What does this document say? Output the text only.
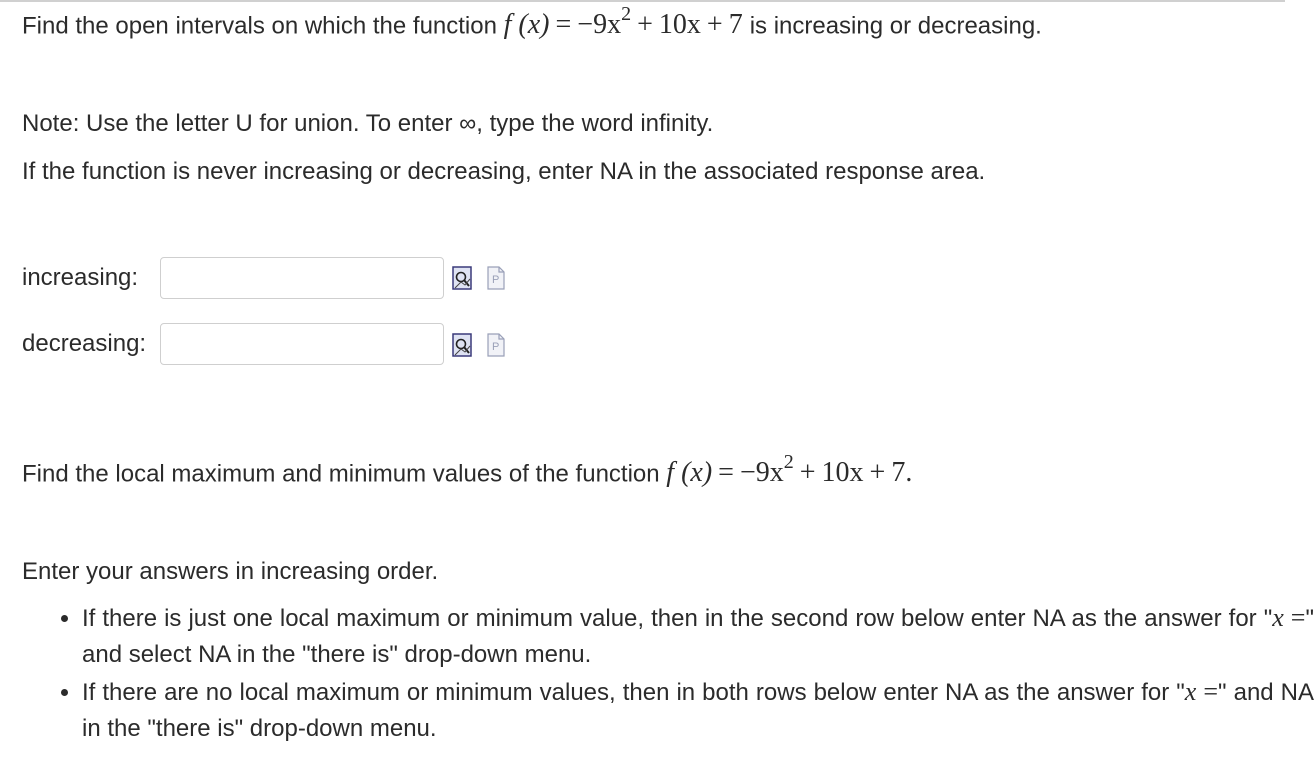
Find the open intervals on which the function f $(x) = -9x^2 + 10x + 7$ is increasing or decreasing.
Note: Use the letter U for union. To enter ∞, type the word infinity.
If the function is never increasing or decreasing, enter NA in the associated response area.
increasing:	P
decreasing:	P
Find the local maximum and minimum values of the function f $(x) = -9x^2 + 10x + 7$.
Enter your answers in increasing order.
• If there is just one local maximum or minimum value, then in the second row below enter NA as the answer for "x =" and select NA in the "there is" drop-down menu.
• If there are no local maximum or minimum values, then in both rows below enter NA as the answer for "x =" and NA in the "there is" drop-down menu.
